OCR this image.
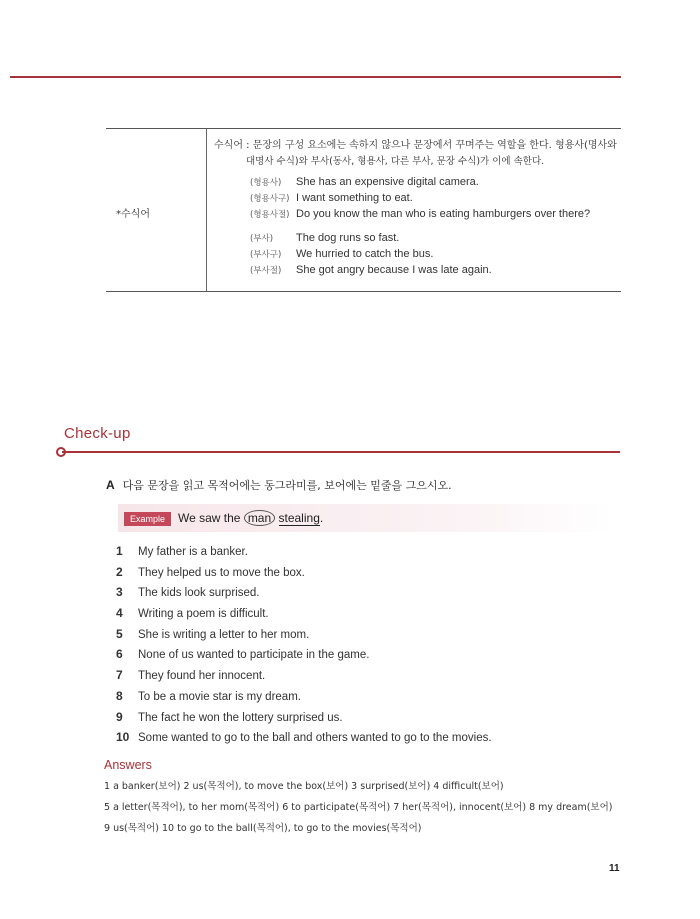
*수식어
수식어 : 문장의 구성 요소에는 속하지 않으나 문장에서 꾸며주는 역할을 한다. 형용사(명사와
대명사 수식)와 부사(동사, 형용사, 다른 부사, 문장 수식)가 이에 속한다.
(형용사)	She has an expensive digital camera.
(형용사구) I want something to eat.
(형용사절) Do you know the man who is eating hamburgers over there?
(부사)	The dog runs so fast.
(부사구)	We hurried to catch the bus.
(부사절)	She got angry because I was late again.
Check-up
A 다음 문장을 읽고 목적어에는 동그라미를, 보어에는 밑줄을 그으시오.
Example	We saw the man stealing.
1	My father is a banker.
2	They helped us to move the box.
3	The kids look surprised.
4	Writing a poem is difficult.
5	She is writing a letter to her mom.
6	None of us wanted to participate in the game.
7	They found her innocent.
8	To be a movie star is my dream.
9	The fact he won the lottery surprised us.
10 Some wanted to go to the ball and others wanted to go to the movies.
Answers
1 a banker(보어) 2 us(목적어), to move the box(보어) 3 surprised(보어) 4 difficult(보어)
5 a letter(목적어), to her mom(목적어) 6 to participate(목적어) 7 her(목적어), innocent(보어) 8 my dream(보어)
9 us(목적어) 10 to go to the ball(목적어), to go to the movies(목적어)
11
